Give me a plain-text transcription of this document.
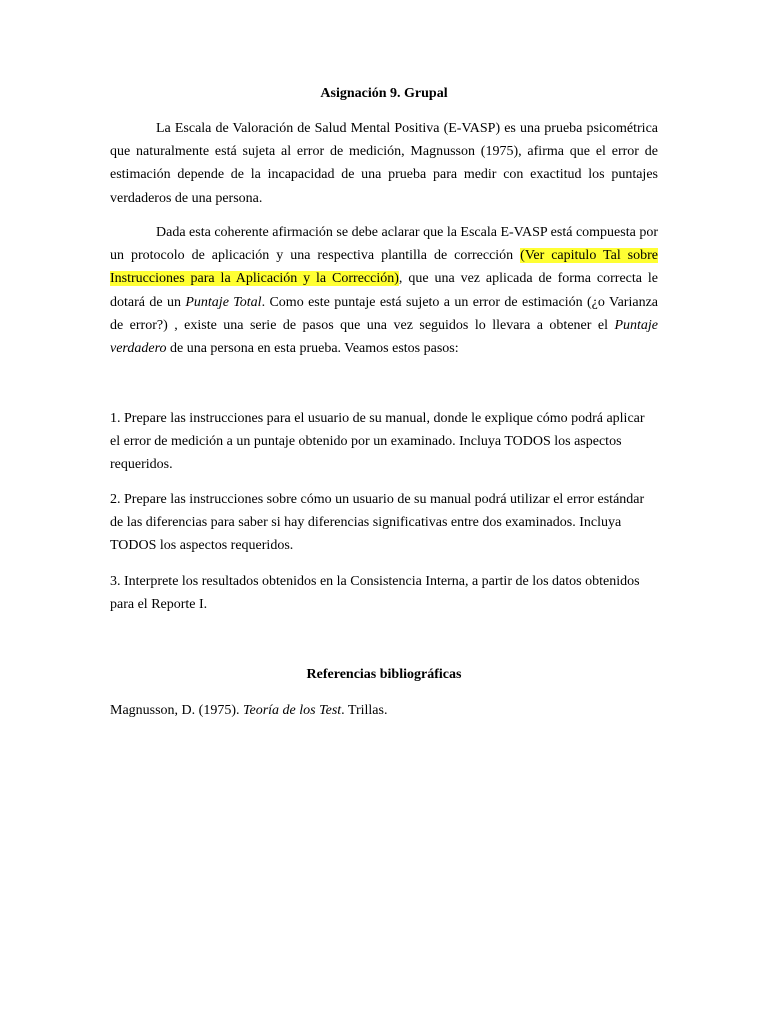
Asignación 9. Grupal

La Escala de Valoración de Salud Mental Positiva (E-VASP) es una prueba psicométrica que naturalmente está sujeta al error de medición, Magnusson (1975), afirma que el error de estimación depende de la incapacidad de una prueba para medir con exactitud los puntajes verdaderos de una persona.

Dada esta coherente afirmación se debe aclarar que la Escala E-VASP está compuesta por un protocolo de aplicación y una respectiva plantilla de corrección (Ver capitulo Tal sobre Instrucciones para la Aplicación y la Corrección), que una vez aplicada de forma correcta le dotará de un Puntaje Total. Como este puntaje está sujeto a un error de estimación (¿o Varianza de error?) , existe una serie de pasos que una vez seguidos lo llevara a obtener el Puntaje verdadero de una persona en esta prueba. Veamos estos pasos:

1. Prepare las instrucciones para el usuario de su manual, donde le explique cómo podrá aplicar el error de medición a un puntaje obtenido por un examinado. Incluya TODOS los aspectos requeridos.

2. Prepare las instrucciones sobre cómo un usuario de su manual podrá utilizar el error estándar de las diferencias para saber si hay diferencias significativas entre dos examinados. Incluya TODOS los aspectos requeridos.

3. Interprete los resultados obtenidos en la Consistencia Interna, a partir de los datos obtenidos para el Reporte I.

Referencias bibliográficas

Magnusson, D. (1975). Teoría de los Test. Trillas.
